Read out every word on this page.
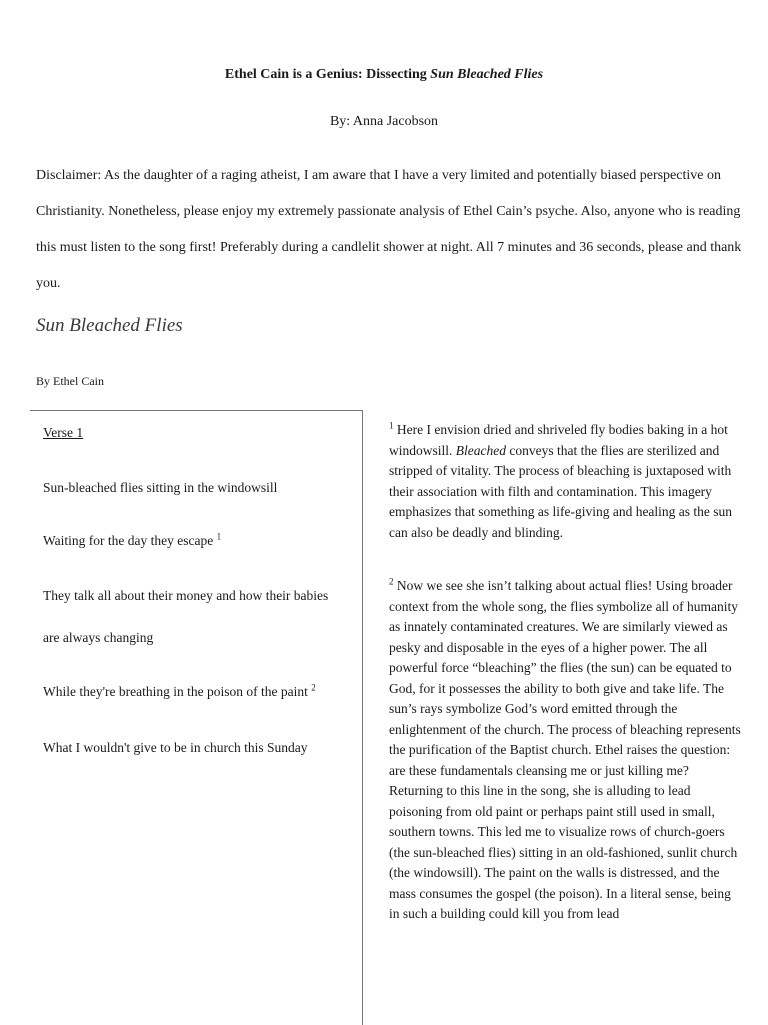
Ethel Cain is a Genius: Dissecting Sun Bleached Flies
By: Anna Jacobson

Disclaimer: As the daughter of a raging atheist, I am aware that I have a very limited and potentially biased perspective on Christianity. Nonetheless, please enjoy my extremely passionate analysis of Ethel Cain’s psyche. Also, anyone who is reading this must listen to the song first! Preferably during a candlelit shower at night. All 7 minutes and 36 seconds, please and thank you.

Sun Bleached Flies
By Ethel Cain
Verse 1
Sun-bleached flies sitting in the windowsill
Waiting for the day they escape $^1$
They talk all about their money and how their babies
are always changing
While they're breathing in the poison of the paint $^2$
What I wouldn't give to be in church this Sunday

$^1$ Here I envision dried and shriveled fly bodies baking in a hot windowsill. Bleached conveys that the flies are sterilized and stripped of vitality. The process of bleaching is juxtaposed with their association with filth and contamination. This imagery emphasizes that something as life-giving and healing as the sun can also be deadly and blinding.

$^2$ Now we see she isn’t talking about actual flies! Using broader context from the whole song, the flies symbolize all of humanity as innately contaminated creatures. We are similarly viewed as pesky and disposable in the eyes of a higher power. The all powerful force “bleaching” the flies (the sun) can be equated to God, for it possesses the ability to both give and take life. The sun’s rays symbolize God’s word emitted through the enlightenment of the church. The process of bleaching represents the purification of the Baptist church. Ethel raises the question: are these fundamentals cleansing me or just killing me? Returning to this line in the song, she is alluding to lead poisoning from old paint or perhaps paint still used in small, southern towns. This led me to visualize rows of church-goers (the sun-bleached flies) sitting in an old-fashioned, sunlit church (the windowsill). The paint on the walls is distressed, and the mass consumes the gospel (the poison). In a literal sense, being in such a building could kill you from lead
